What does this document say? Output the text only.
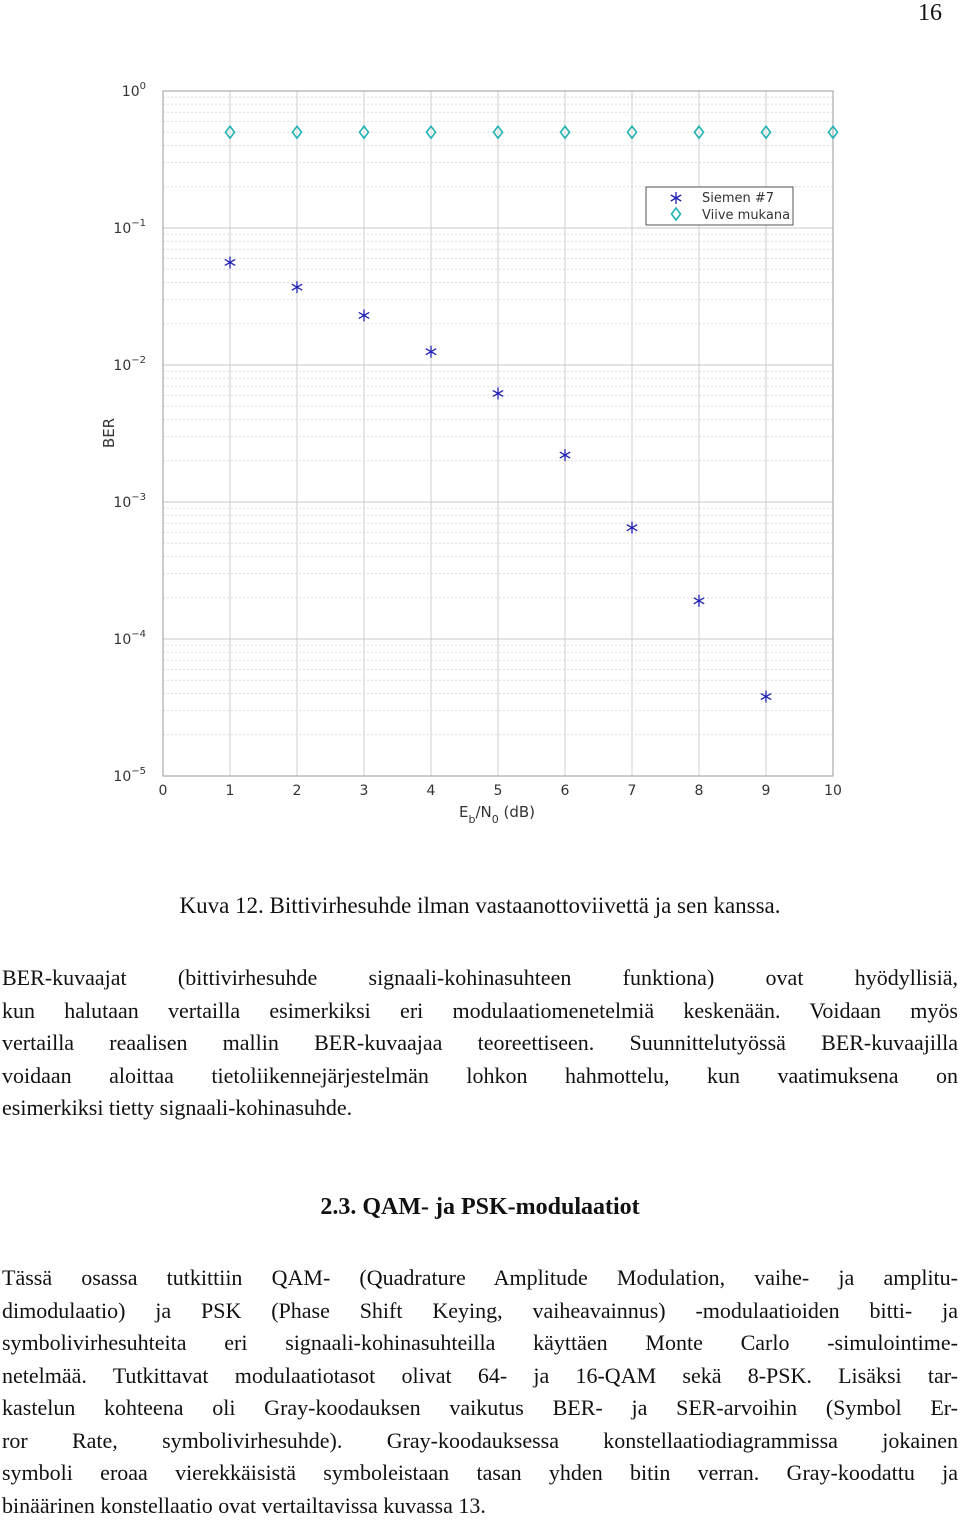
16
0	1	2	3	4	5	6	7	8	9	10
$10^0$
$10^{-1}$
$10^{-2}$
$10^{-3}$
$10^{-4}$
$10^{-5}$
BER
$E_b/N_0$ (dB)
Siemen #7
Viive mukana
Kuva 12. Bittivirhesuhde ilman vastaanottoviivettä ja sen kanssa.

BER-kuvaajat (bittivirhesuhde signaali-kohinasuhteen funktiona) ovat hyödyllisiä,
kun halutaan vertailla esimerkiksi eri modulaatiomenetelmiä keskenään. Voidaan myös
vertailla reaalisen mallin BER-kuvaajaa teoreettiseen. Suunnittelutyössä BER-kuvaajilla
voidaan aloittaa tietoliikennejärjestelmän lohkon hahmottelu, kun vaatimuksena on
esimerkiksi tietty signaali-kohinasuhde.

2.3. QAM- ja PSK-modulaatiot

Tässä osassa tutkittiin QAM- (Quadrature Amplitude Modulation, vaihe- ja amplitu-
dimodulaatio) ja PSK (Phase Shift Keying, vaiheavainnus) -modulaatioiden bitti- ja
symbolivirhesuhteita eri signaali-kohinasuhteilla käyttäen Monte Carlo -simulointime-
netelmää. Tutkittavat modulaatiotasot olivat 64- ja 16-QAM sekä 8-PSK. Lisäksi tar-
kastelun kohteena oli Gray-koodauksen vaikutus BER- ja SER-arvoihin (Symbol Er-
ror Rate, symbolivirhesuhde). Gray-koodauksessa konstellaatiodiagrammissa jokainen
symboli eroaa vierekkäisistä symboleistaan tasan yhden bitin verran. Gray-koodattu ja
binäärinen konstellaatio ovat vertailtavissa kuvassa 13.
